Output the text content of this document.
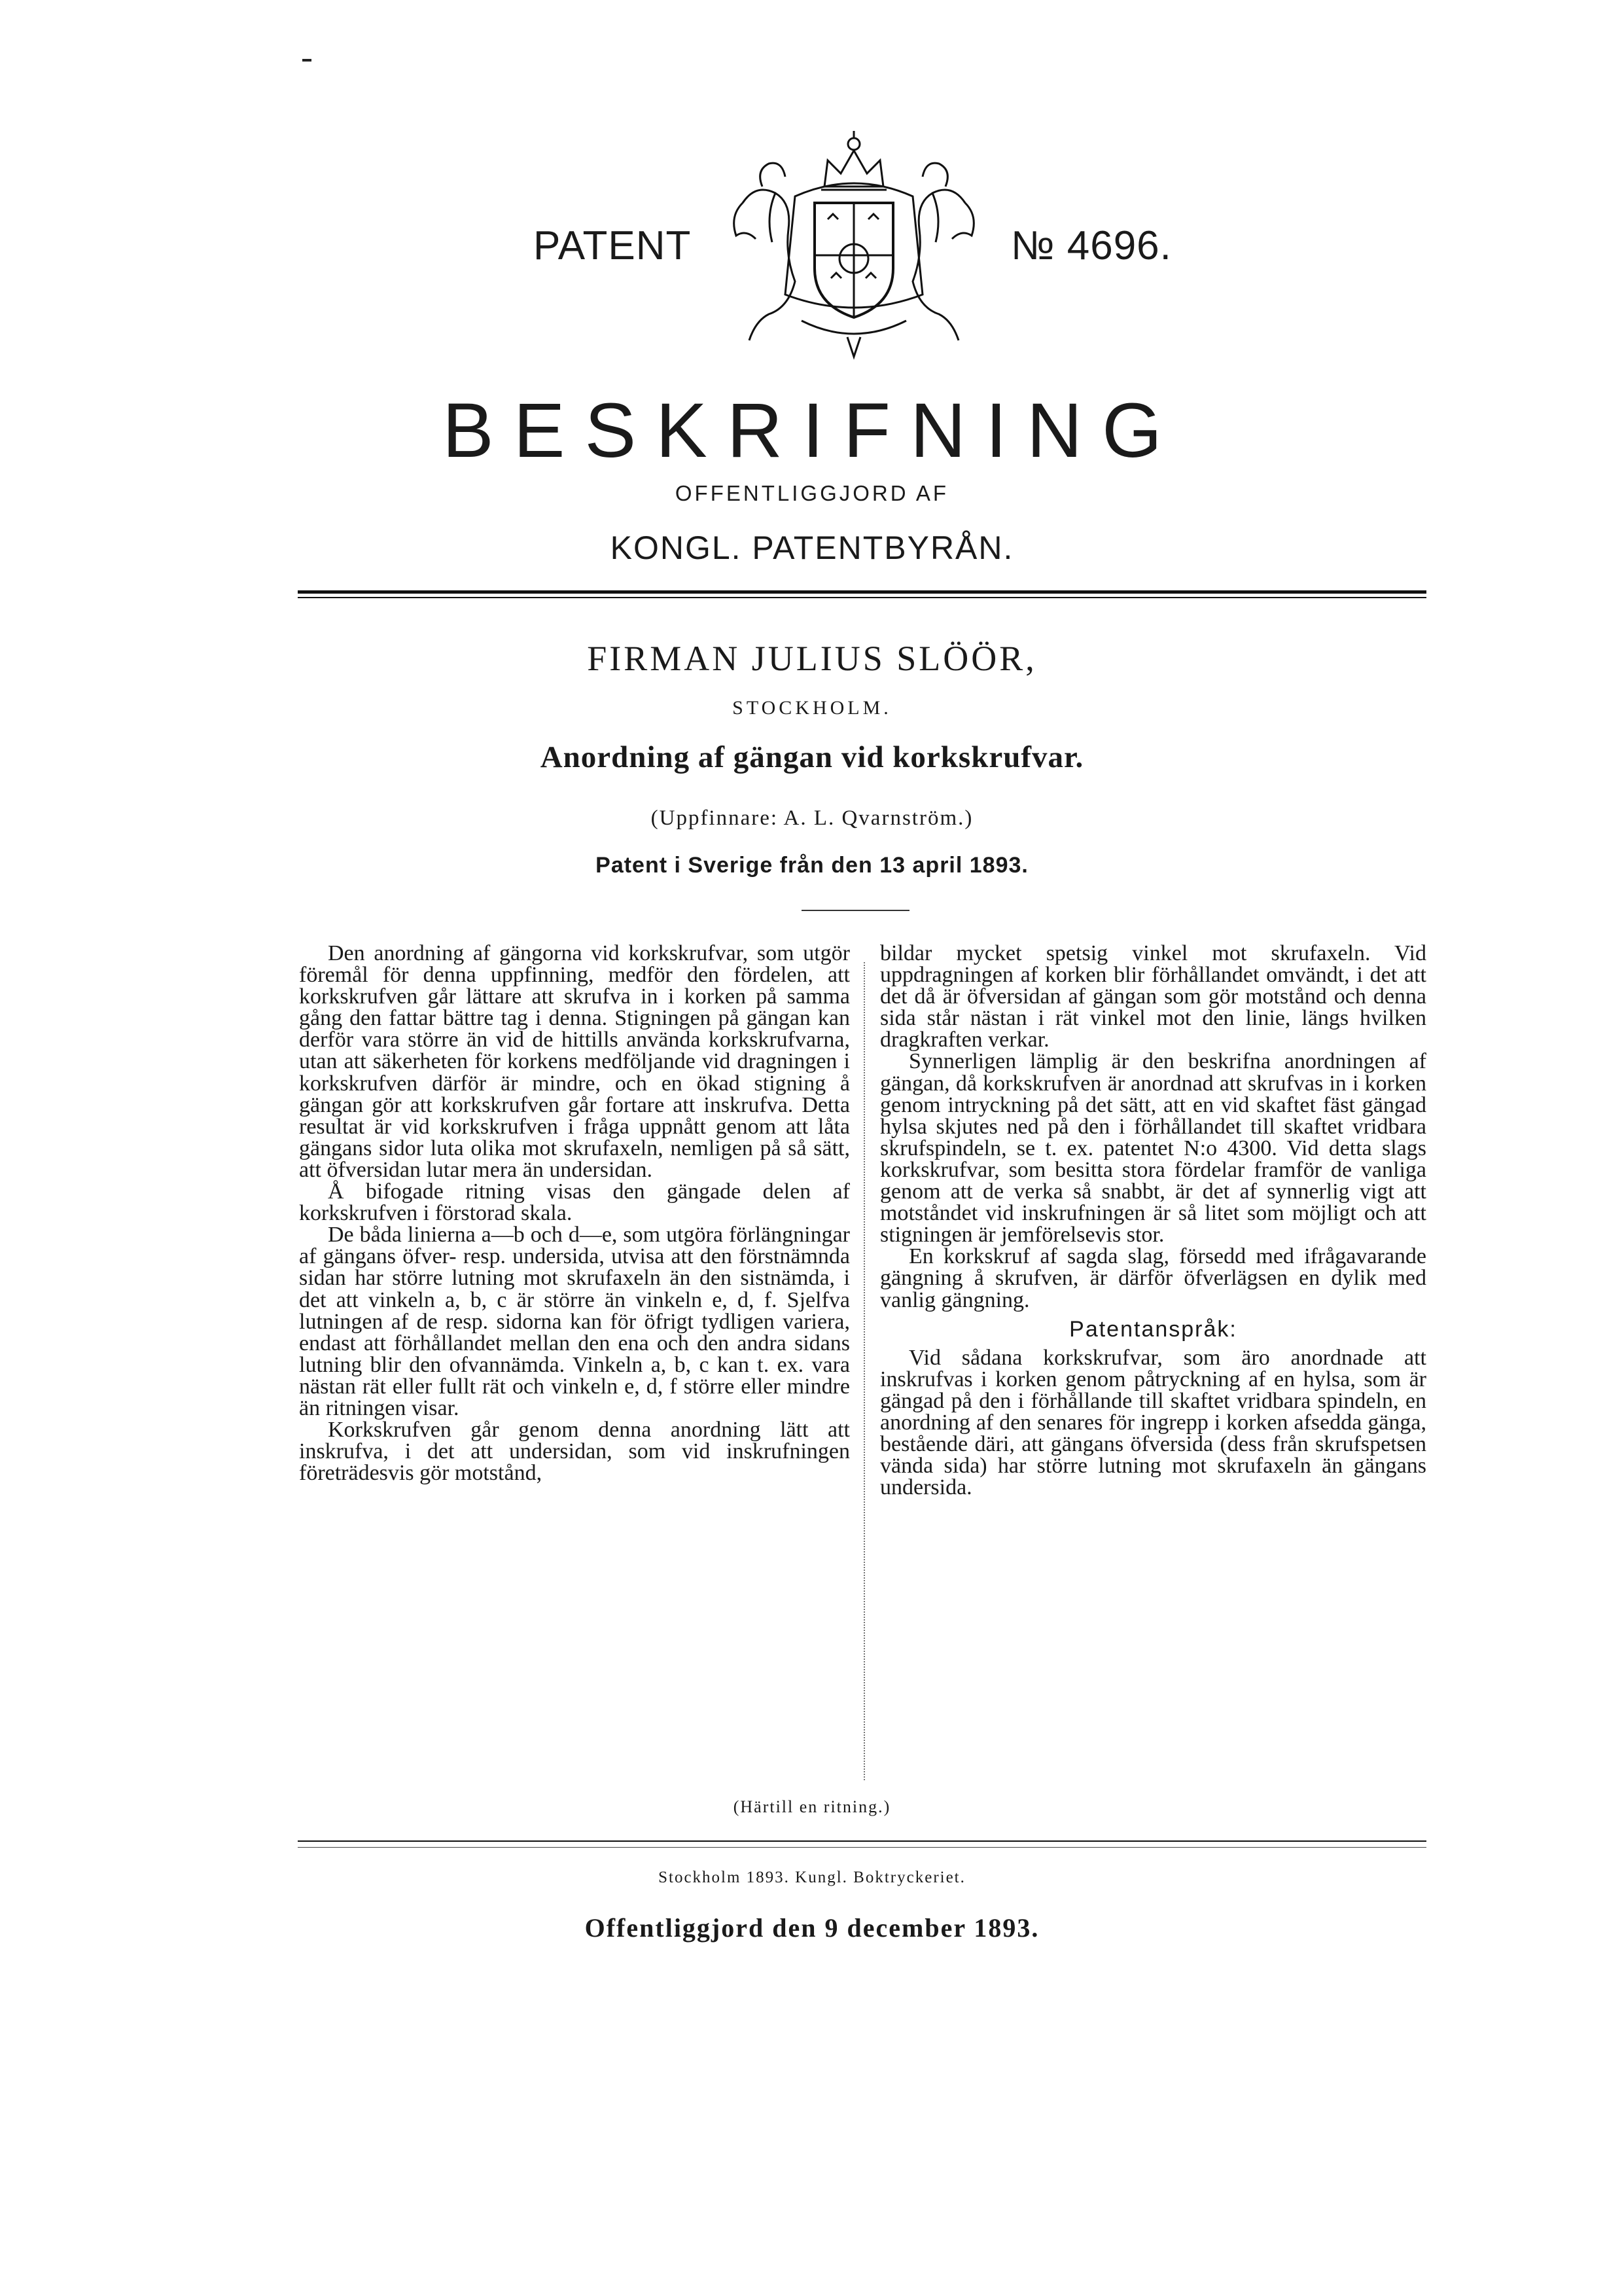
PATENT	№ 4696.
BESKRIFNING
OFFENTLIGGJORD AF
KONGL. PATENTBYRÅN.
FIRMAN JULIUS SLÖÖR,
STOCKHOLM.
Anordning af gängan vid korkskrufvar.
(Uppfinnare: A. L. Qvarnström.)
Patent i Sverige från den 13 april 1893.

Den anordning af gängorna vid korkskrufvar, som utgör föremål för denna uppfinning, medför den fördelen, att korkskrufven går lättare att skrufva in i korken på samma gång den fattar bättre tag i denna. Stigningen på gängan kan derför vara större än vid de hittills använda korkskrufvarna, utan att säkerheten för korkens medföljande vid dragningen i korkskrufven därför är mindre, och en ökad stigning å gängan gör att korkskrufven går fortare att inskrufva. Detta resultat är vid korkskrufven i fråga uppnått genom att låta gängans sidor luta olika mot skrufaxeln, nemligen på så sätt, att öfversidan lutar mera än undersidan.

Å bifogade ritning visas den gängade delen af korkskrufven i förstorad skala.

De båda linierna a—b och d—e, som utgöra förlängningar af gängans öfver- resp. undersida, utvisa att den förstnämnda sidan har större lutning mot skrufaxeln än den sistnämda, i det att vinkeln a, b, c är större än vinkeln e, d, f. Sjelfva lutningen af de resp. sidorna kan för öfrigt tydligen variera, endast att förhållandet mellan den ena och den andra sidans lutning blir den ofvannämda. Vinkeln a, b, c kan t. ex. vara nästan rät eller fullt rät och vinkeln e, d, f större eller mindre än ritningen visar.

Korkskrufven går genom denna anordning lätt att inskrufva, i det att undersidan, som vid inskrufningen företrädesvis gör motstånd,

bildar mycket spetsig vinkel mot skrufaxeln. Vid uppdragningen af korken blir förhållandet omvändt, i det att det då är öfversidan af gängan som gör motstånd och denna sida står nästan i rät vinkel mot den linie, längs hvilken dragkraften verkar.

Synnerligen lämplig är den beskrifna anordningen af gängan, då korkskrufven är anordnad att skrufvas in i korken genom intryckning på det sätt, att en vid skaftet fäst gängad hylsa skjutes ned på den i förhållandet till skaftet vridbara skrufspindeln, se t. ex. patentet N:o 4300. Vid detta slags korkskrufvar, som besitta stora fördelar framför de vanliga genom att de verka så snabbt, är det af synnerlig vigt att motståndet vid inskrufningen är så litet som möjligt och att stigningen är jemförelsevis stor.

En korkskruf af sagda slag, försedd med ifrågavarande gängning å skrufven, är därför öfverlägsen en dylik med vanlig gängning.

Patentanspråk:

Vid sådana korkskrufvar, som äro anordnade att inskrufvas i korken genom påtryckning af en hylsa, som är gängad på den i förhållande till skaftet vridbara spindeln, en anordning af den senares för ingrepp i korken afsedda gänga, bestående däri, att gängans öfversida (dess från skrufspetsen vända sida) har större lutning mot skrufaxeln än gängans undersida.

(Härtill en ritning.)
Stockholm 1893. Kungl. Boktryckeriet.
Offentliggjord den 9 december 1893.
